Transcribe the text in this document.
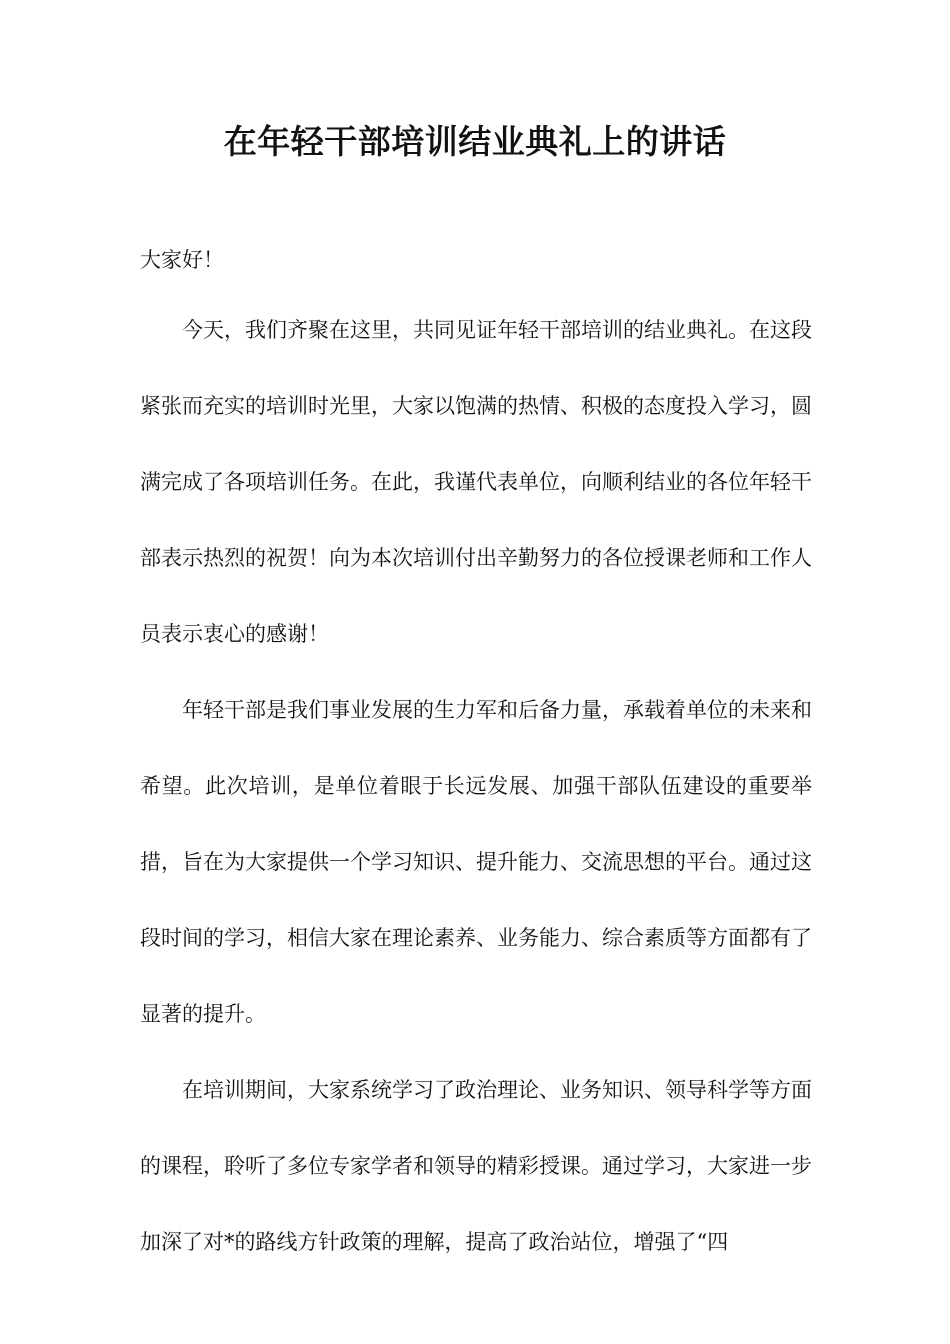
在年轻干部培训结业典礼上的讲话

大家好！

今天，我们齐聚在这里，共同见证年轻干部培训的结业典礼。在这段紧张而充实的培训时光里，大家以饱满的热情、积极的态度投入学习，圆满完成了各项培训任务。在此，我谨代表单位，向顺利结业的各位年轻干部表示热烈的祝贺！向为本次培训付出辛勤努力的各位授课老师和工作人员表示衷心的感谢！

年轻干部是我们事业发展的生力军和后备力量，承载着单位的未来和希望。此次培训，是单位着眼于长远发展、加强干部队伍建设的重要举措，旨在为大家提供一个学习知识、提升能力、交流思想的平台。通过这段时间的学习，相信大家在理论素养、业务能力、综合素质等方面都有了显著的提升。

在培训期间，大家系统学习了政治理论、业务知识、领导科学等方面的课程，聆听了多位专家学者和领导的精彩授课。通过学习，大家进一步加深了对*的路线方针政策的理解，提高了政治站位，增强了“四
